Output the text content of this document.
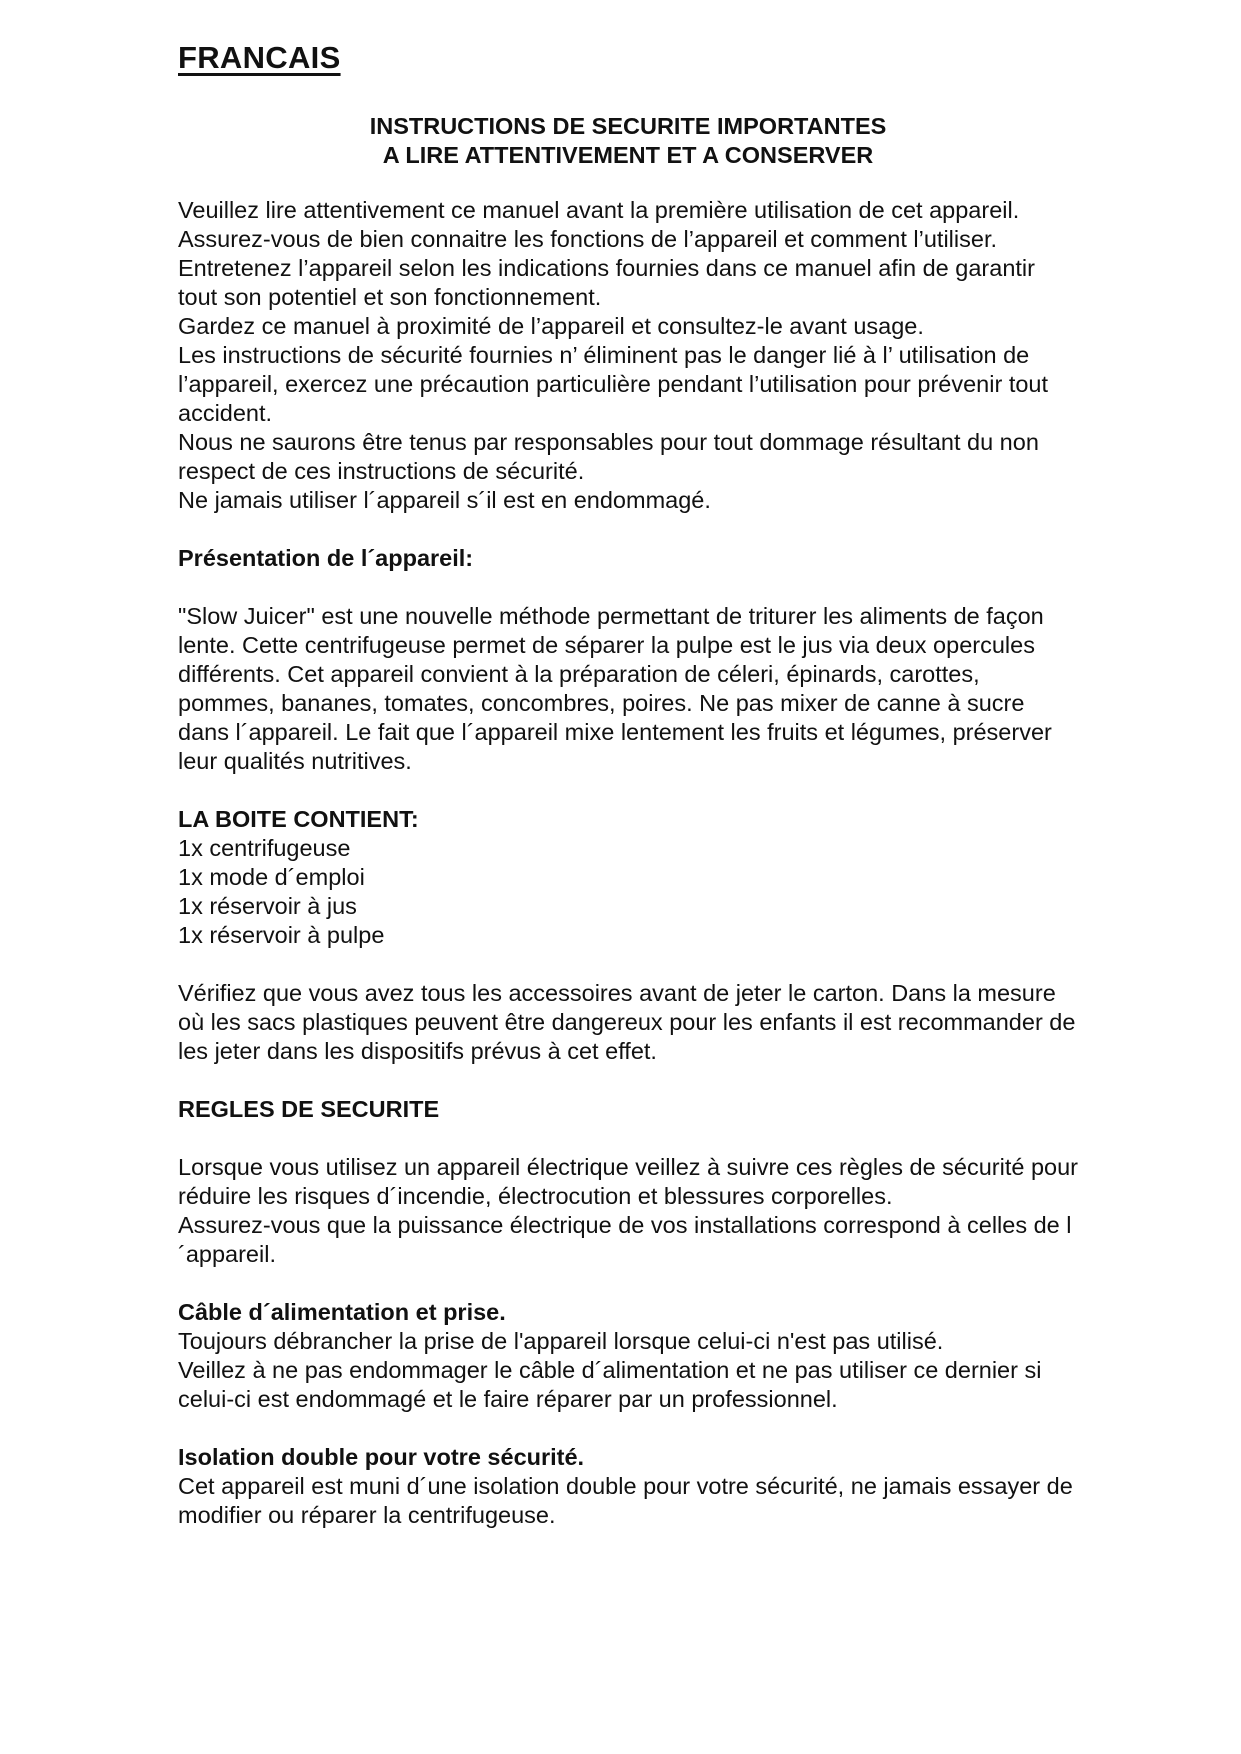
FRANCAIS
INSTRUCTIONS DE SECURITE IMPORTANTES
A LIRE ATTENTIVEMENT ET A CONSERVER

Veuillez lire attentivement ce manuel avant la première utilisation de cet appareil.

Assurez-vous de bien connaitre les fonctions de l’appareil et comment l’utiliser.

Entretenez l’appareil selon les indications fournies dans ce manuel afin de garantir tout son potentiel et son fonctionnement.

Gardez ce manuel à proximité de l’appareil et consultez-le avant usage.

Les instructions de sécurité fournies n’ éliminent pas le danger lié à l’ utilisation de l’appareil, exercez une précaution particulière pendant l’utilisation pour prévenir tout accident.

Nous ne saurons être tenus par responsables pour tout dommage résultant du non respect de ces instructions de sécurité.

Ne jamais utiliser l´appareil s´il est en endommagé.

Présentation de l´appareil:

"Slow Juicer" est une nouvelle méthode permettant de triturer les aliments de façon lente. Cette centrifugeuse permet de séparer la pulpe est le jus via deux opercules différents. Cet appareil convient à la préparation de céleri, épinards, carottes, pommes, bananes, tomates, concombres, poires. Ne pas mixer de canne à sucre dans l´appareil. Le fait que l´appareil mixe lentement les fruits et légumes, préserver leur qualités nutritives.

LA BOITE CONTIENT:
1x centrifugeuse
1x mode d´emploi
1x réservoir à jus
1x réservoir à pulpe

Vérifiez que vous avez tous les accessoires avant de jeter le carton. Dans la mesure où les sacs plastiques peuvent être dangereux pour les enfants il est recommander de les jeter dans les dispositifs prévus à cet effet.

REGLES DE SECURITE

Lorsque vous utilisez un appareil électrique veillez à suivre ces règles de sécurité pour réduire les risques d´incendie, électrocution et blessures corporelles.

Assurez-vous que la puissance électrique de vos installations correspond à celles de l´appareil.

Câble d´alimentation et prise.

Toujours débrancher la prise de l'appareil lorsque celui-ci n'est pas utilisé.

Veillez à ne pas endommager le câble d´alimentation et ne pas utiliser ce dernier si celui-ci est endommagé et le faire réparer par un professionnel.

Isolation double pour votre sécurité.

Cet appareil est muni d´une isolation double pour votre sécurité, ne jamais essayer de modifier ou réparer la centrifugeuse.
